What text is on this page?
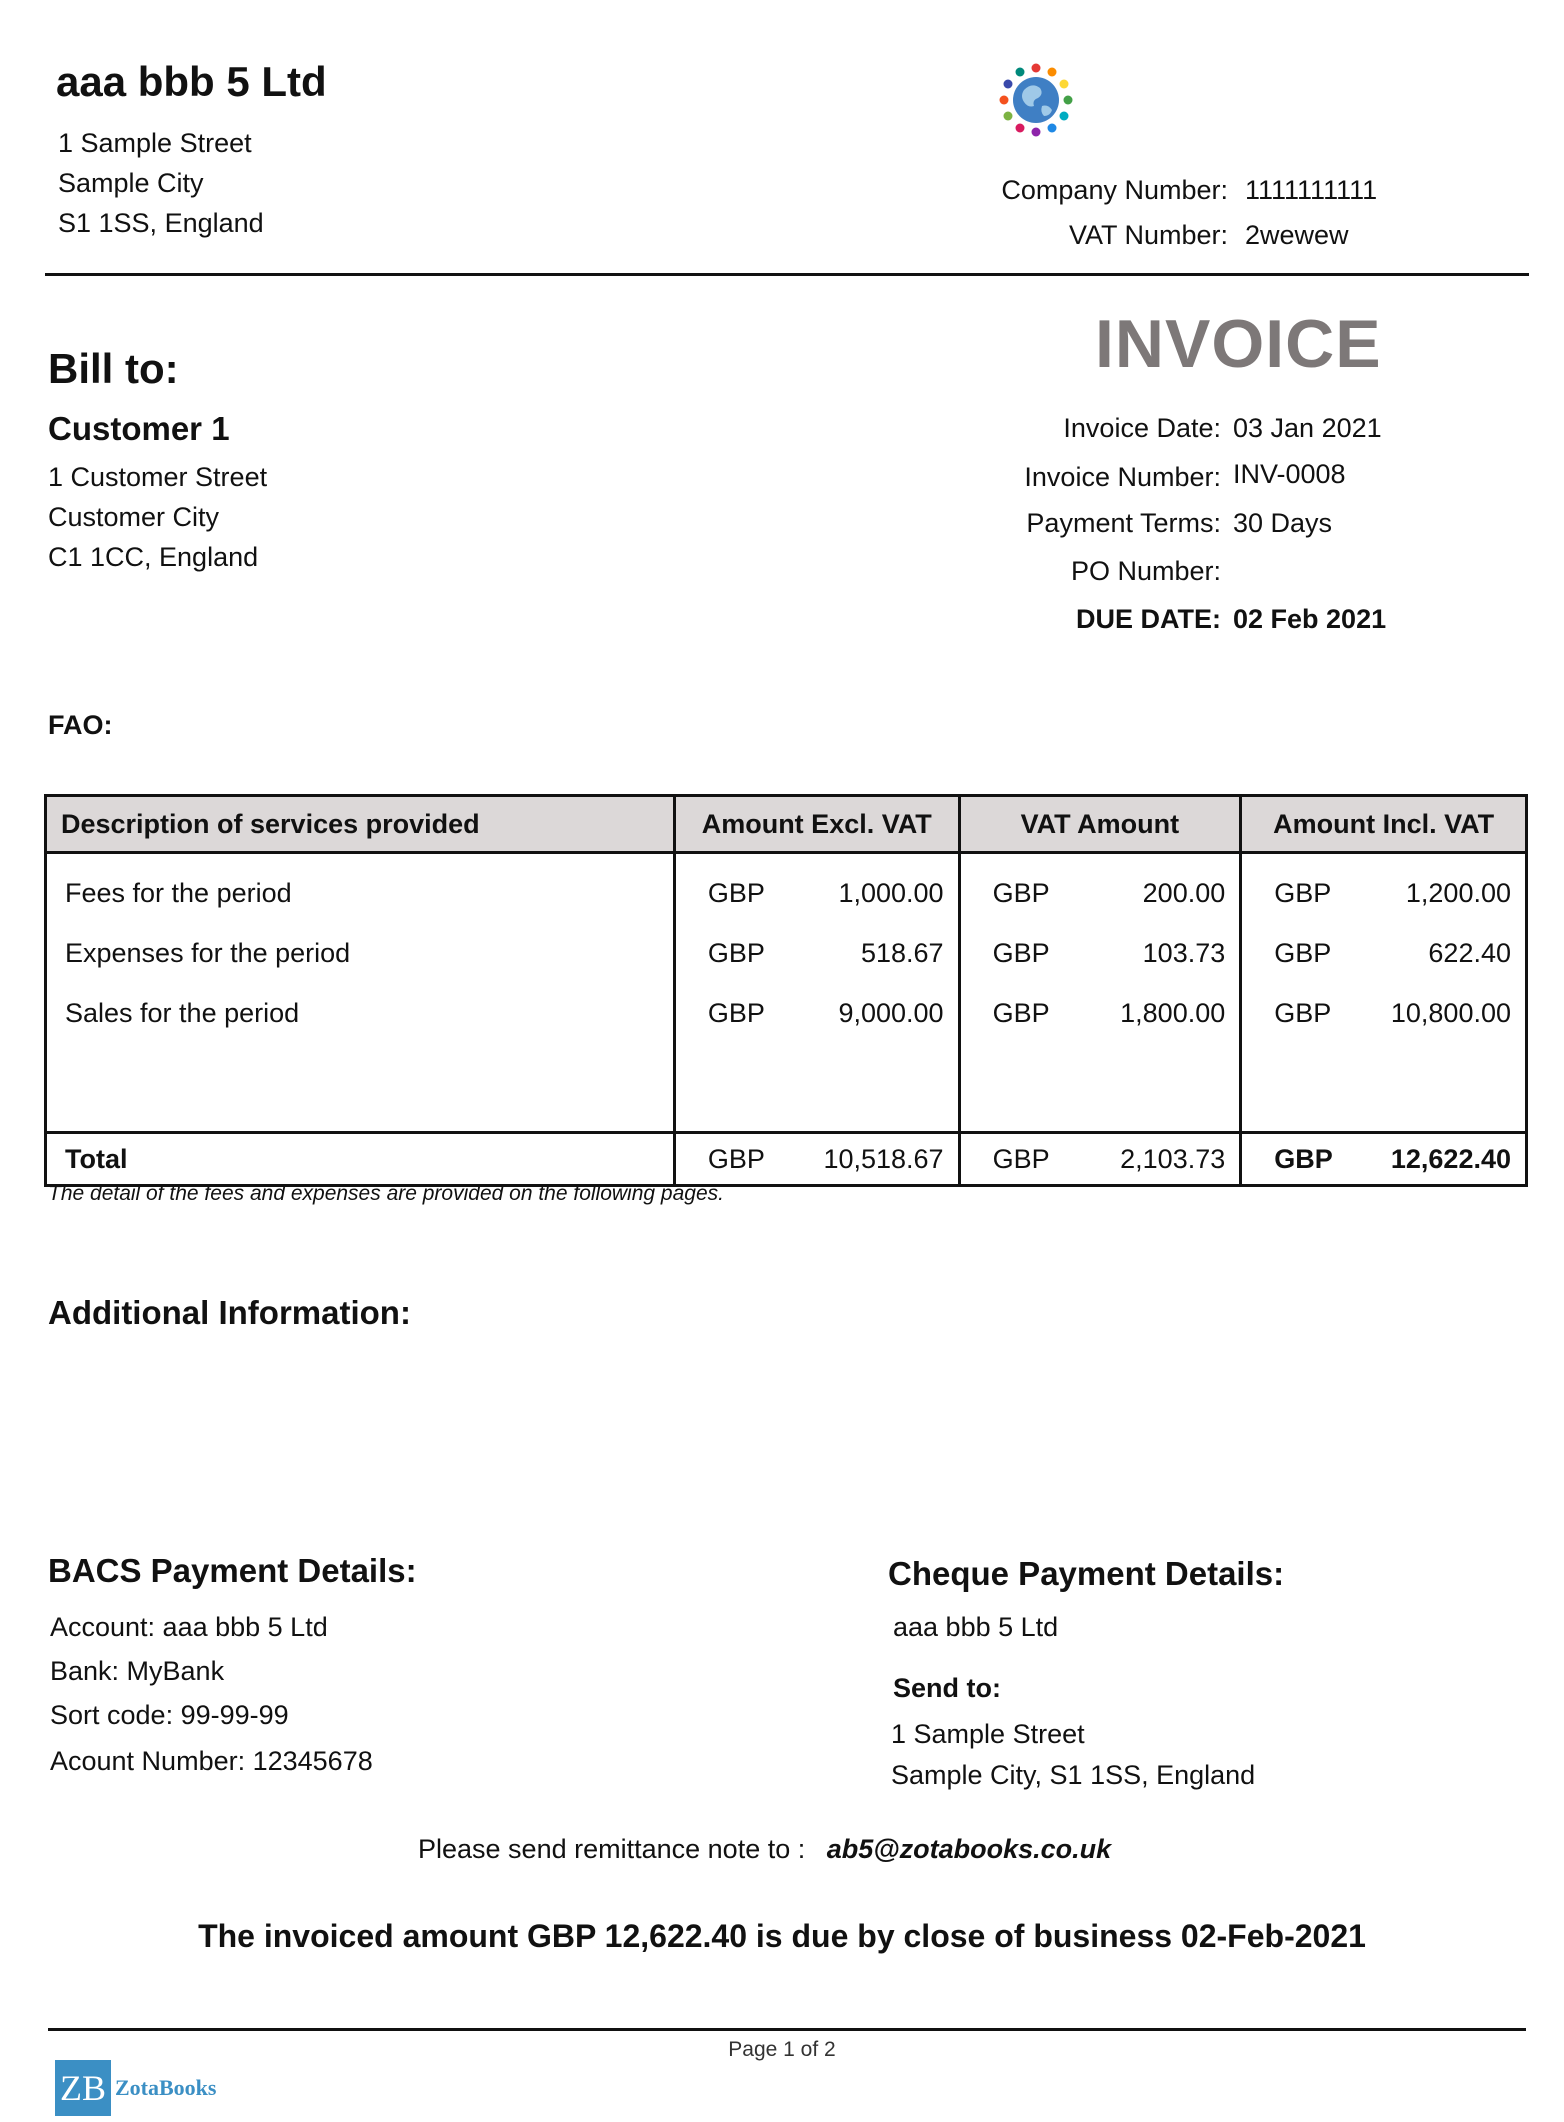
aaa bbb 5 Ltd
1 Sample Street
Sample City
S1 1SS, England
Company Number: 1111111111
VAT Number: 2wewew
Bill to:
Customer 1
1 Customer Street
Customer City
C1 1CC, England
INVOICE
Invoice Date: 03 Jan 2021
Invoice Number: INV-0008
Payment Terms: 30 Days
PO Number:
DUE DATE: 02 Feb 2021
FAO:
Description of services provided	Amount Excl. VAT		VAT Amount		Amount Incl. VAT	
Fees for the period	GBP	1,000.00	GBP	200.00	GBP	1,200.00
Expenses for the period	GBP	518.67	GBP	103.73	GBP	622.40
Sales for the period	GBP	9,000.00	GBP	1,800.00	GBP	10,800.00

Total	GBP	10,518.67	GBP	2,103.73	GBP	12,622.40
The detail of the fees and expenses are provided on the following pages.
Additional Information:
BACS Payment Details:
Account: aaa bbb 5 Ltd
Bank: MyBank
Sort code: 99-99-99
Acount Number: 12345678
Cheque Payment Details:
aaa bbb 5 Ltd
Send to:
1 Sample Street
Sample City, S1 1SS, England
Please send remittance note to : ab5@zotabooks.co.uk
The invoiced amount GBP 12,622.40 is due by close of business 02-Feb-2021
Page 1 of 2
ZB ZotaBooks
